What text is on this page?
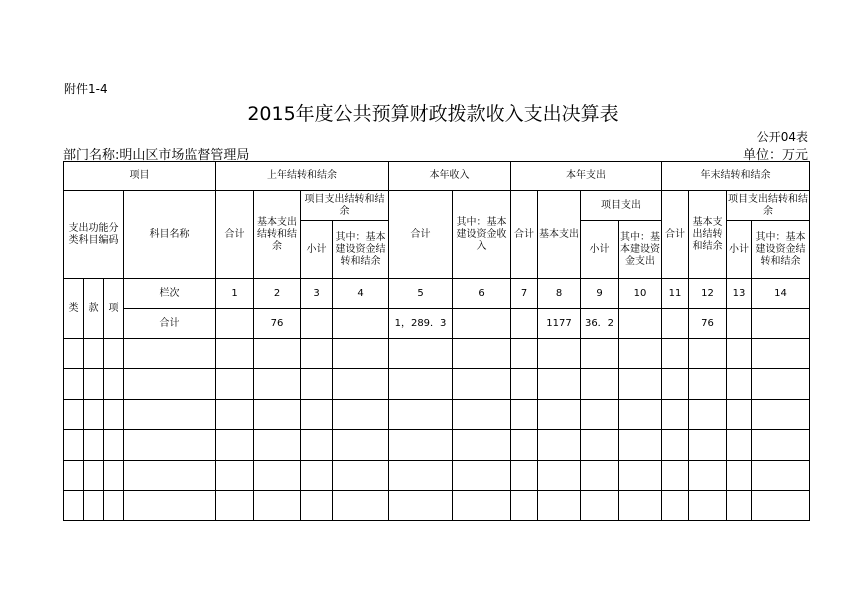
附件1-4
2015年度公共预算财政拨款收入支出决算表
公开04表
部门名称:明山区市场监督管理局	单位：万元
项目				上年结转和结余				本年收入		本年支出				年末结转和结余			
支出功能分类科目编码			科目名称	合计	基本支出结转和结余	项目支出结转和结余		合计	其中：基本建设资金收入	合计	基本支出	项目支出		合计	基本支出结转和结余	项目支出结转和结余	
						小计	其中：基本建设资金结转和结余					小计	其中：基本建设资金支出			小计	其中：基本建设资金结转和结余
类	款	项	栏次	1	2	3	4	5	6	7	8	9	10	11	12	13	14
			合计		76			1，289．3			1177	36．2			76		
